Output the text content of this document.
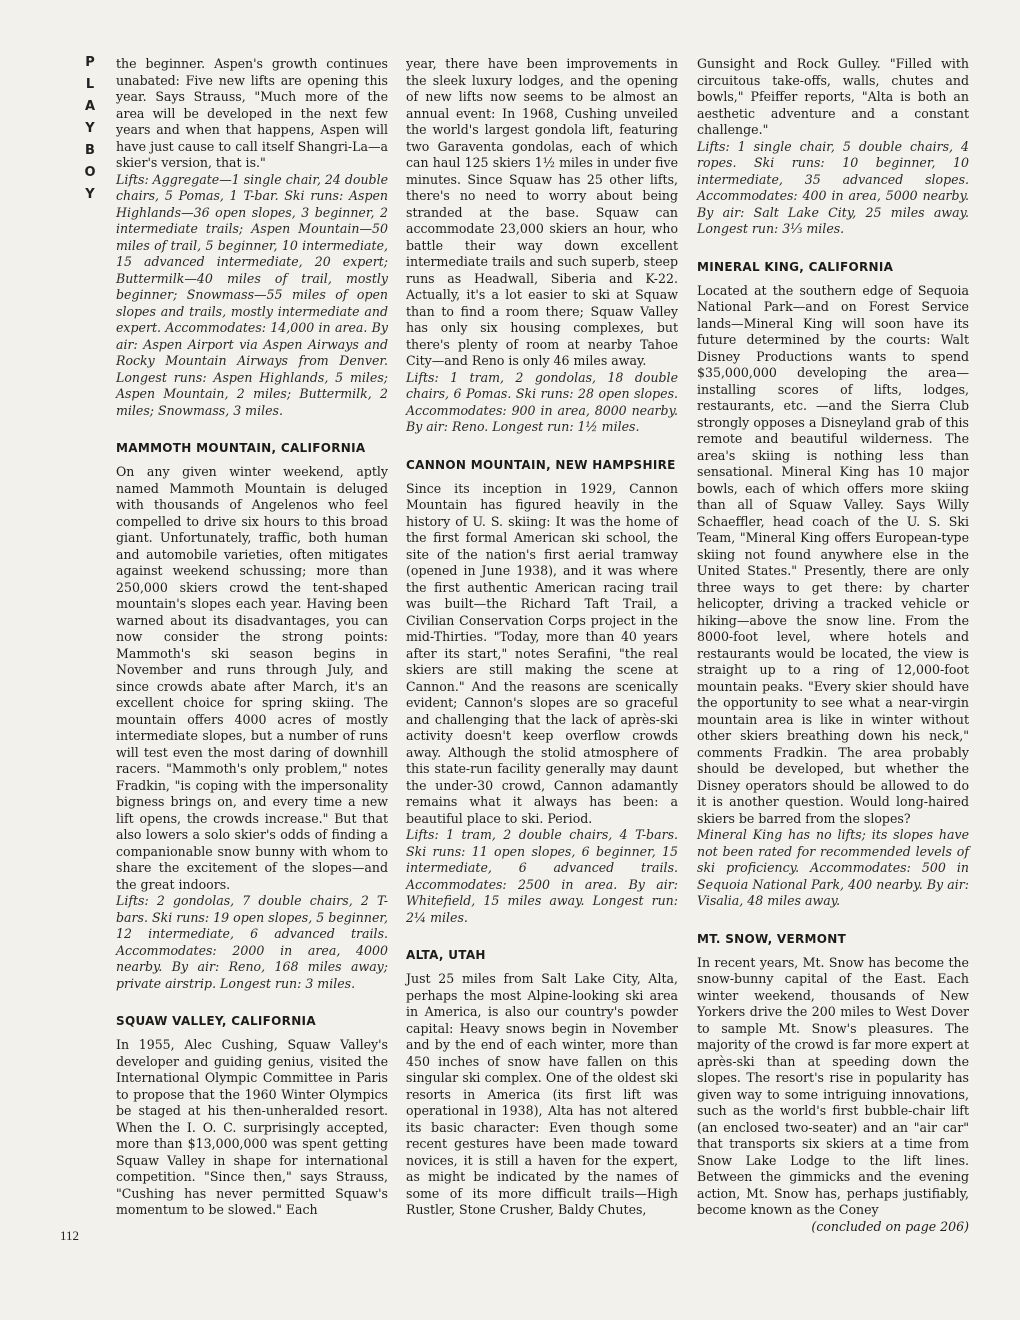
P
L
A
Y
B
O
Y
112

the beginner. Aspen's growth continues unabated: Five new lifts are opening this year. Says Strauss, "Much more of the area will be developed in the next few years and when that happens, Aspen will have just cause to call itself Shangri-La—a skier's version, that is."

Lifts: Aggregate—1 single chair, 24 double chairs, 5 Pomas, 1 T-bar. Ski runs: Aspen Highlands—36 open slopes, 3 beginner, 2 intermediate trails; Aspen Mountain—50 miles of trail, 5 beginner, 10 intermediate, 15 advanced intermediate, 20 expert; Buttermilk—40 miles of trail, mostly beginner; Snowmass—55 miles of open slopes and trails, mostly intermediate and expert. Accommodates: 14,000 in area. By air: Aspen Airport via Aspen Airways and Rocky Mountain Airways from Denver. Longest runs: Aspen Highlands, 5 miles; Aspen Mountain, 2 miles; Buttermilk, 2 miles; Snowmass, 3 miles.

MAMMOTH MOUNTAIN, CALIFORNIA

On any given winter weekend, aptly named Mammoth Mountain is deluged with thousands of Angelenos who feel compelled to drive six hours to this broad giant. Unfortunately, traffic, both human and automobile varieties, often mitigates against weekend schussing; more than 250,000 skiers crowd the tent-shaped mountain's slopes each year. Having been warned about its disadvantages, you can now consider the strong points: Mammoth's ski season begins in November and runs through July, and since crowds abate after March, it's an excellent choice for spring skiing. The mountain offers 4000 acres of mostly intermediate slopes, but a number of runs will test even the most daring of downhill racers. "Mammoth's only problem," notes Fradkin, "is coping with the impersonality bigness brings on, and every time a new lift opens, the crowds increase." But that also lowers a solo skier's odds of finding a companionable snow bunny with whom to share the excitement of the slopes—and the great indoors.

Lifts: 2 gondolas, 7 double chairs, 2 T-bars. Ski runs: 19 open slopes, 5 beginner, 12 intermediate, 6 advanced trails. Accommodates: 2000 in area, 4000 nearby. By air: Reno, 168 miles away; private airstrip. Longest run: 3 miles.

SQUAW VALLEY, CALIFORNIA

In 1955, Alec Cushing, Squaw Valley's developer and guiding genius, visited the International Olympic Committee in Paris to propose that the 1960 Winter Olympics be staged at his then-unheralded resort. When the I. O. C. surprisingly accepted, more than $13,000,000 was spent getting Squaw Valley in shape for international competition. "Since then," says Strauss, "Cushing has never permitted Squaw's momentum to be slowed." Each

year, there have been improvements in the sleek luxury lodges, and the opening of new lifts now seems to be almost an annual event: In 1968, Cushing unveiled the world's largest gondola lift, featuring two Garaventa gondolas, each of which can haul 125 skiers 1½ miles in under five minutes. Since Squaw has 25 other lifts, there's no need to worry about being stranded at the base. Squaw can accommodate 23,000 skiers an hour, who battle their way down excellent intermediate trails and such superb, steep runs as Headwall, Siberia and K-22. Actually, it's a lot easier to ski at Squaw than to find a room there; Squaw Valley has only six housing complexes, but there's plenty of room at nearby Tahoe City—and Reno is only 46 miles away.

Lifts: 1 tram, 2 gondolas, 18 double chairs, 6 Pomas. Ski runs: 28 open slopes. Accommodates: 900 in area, 8000 nearby. By air: Reno. Longest run: 1½ miles.

CANNON MOUNTAIN, NEW HAMPSHIRE

Since its inception in 1929, Cannon Mountain has figured heavily in the history of U. S. skiing: It was the home of the first formal American ski school, the site of the nation's first aerial tramway (opened in June 1938), and it was where the first authentic American racing trail was built—the Richard Taft Trail, a Civilian Conservation Corps project in the mid-Thirties. "Today, more than 40 years after its start," notes Serafini, "the real skiers are still making the scene at Cannon." And the reasons are scenically evident; Cannon's slopes are so graceful and challenging that the lack of après-ski activity doesn't keep overflow crowds away. Although the stolid atmosphere of this state-run facility generally may daunt the under-30 crowd, Cannon adamantly remains what it always has been: a beautiful place to ski. Period.

Lifts: 1 tram, 2 double chairs, 4 T-bars. Ski runs: 11 open slopes, 6 beginner, 15 intermediate, 6 advanced trails. Accommodates: 2500 in area. By air: Whitefield, 15 miles away. Longest run: 2¼ miles.

ALTA, UTAH

Just 25 miles from Salt Lake City, Alta, perhaps the most Alpine-looking ski area in America, is also our country's powder capital: Heavy snows begin in November and by the end of each winter, more than 450 inches of snow have fallen on this singular ski complex. One of the oldest ski resorts in America (its first lift was operational in 1938), Alta has not altered its basic character: Even though some recent gestures have been made toward novices, it is still a haven for the expert, as might be indicated by the names of some of its more difficult trails—High Rustler, Stone Crusher, Baldy Chutes,

Gunsight and Rock Gulley. "Filled with circuitous take-offs, walls, chutes and bowls," Pfeiffer reports, "Alta is both an aesthetic adventure and a constant challenge."

Lifts: 1 single chair, 5 double chairs, 4 ropes. Ski runs: 10 beginner, 10 intermediate, 35 advanced slopes. Accommodates: 400 in area, 5000 nearby. By air: Salt Lake City, 25 miles away. Longest run: 3⅓ miles.

MINERAL KING, CALIFORNIA

Located at the southern edge of Sequoia National Park—and on Forest Service lands—Mineral King will soon have its future determined by the courts: Walt Disney Productions wants to spend $35,000,000 developing the area—installing scores of lifts, lodges, restaurants, etc. —and the Sierra Club strongly opposes a Disneyland grab of this remote and beautiful wilderness. The area's skiing is nothing less than sensational. Mineral King has 10 major bowls, each of which offers more skiing than all of Squaw Valley. Says Willy Schaeffler, head coach of the U. S. Ski Team, "Mineral King offers European-type skiing not found anywhere else in the United States." Presently, there are only three ways to get there: by charter helicopter, driving a tracked vehicle or hiking—above the snow line. From the 8000-foot level, where hotels and restaurants would be located, the view is straight up to a ring of 12,000-foot mountain peaks. "Every skier should have the opportunity to see what a near-virgin mountain area is like in winter without other skiers breathing down his neck," comments Fradkin. The area probably should be developed, but whether the Disney operators should be allowed to do it is another question. Would long-haired skiers be barred from the slopes?

Mineral King has no lifts; its slopes have not been rated for recommended levels of ski proficiency. Accommodates: 500 in Sequoia National Park, 400 nearby. By air: Visalia, 48 miles away.

MT. SNOW, VERMONT

In recent years, Mt. Snow has become the snow-bunny capital of the East. Each winter weekend, thousands of New Yorkers drive the 200 miles to West Dover to sample Mt. Snow's pleasures. The majority of the crowd is far more expert at après-ski than at speeding down the slopes. The resort's rise in popularity has given way to some intriguing innovations, such as the world's first bubble-chair lift (an enclosed two-seater) and an "air car" that transports six skiers at a time from Snow Lake Lodge to the lift lines. Between the gimmicks and the evening action, Mt. Snow has, perhaps justifiably, become known as the Coney

(concluded on page 206)
